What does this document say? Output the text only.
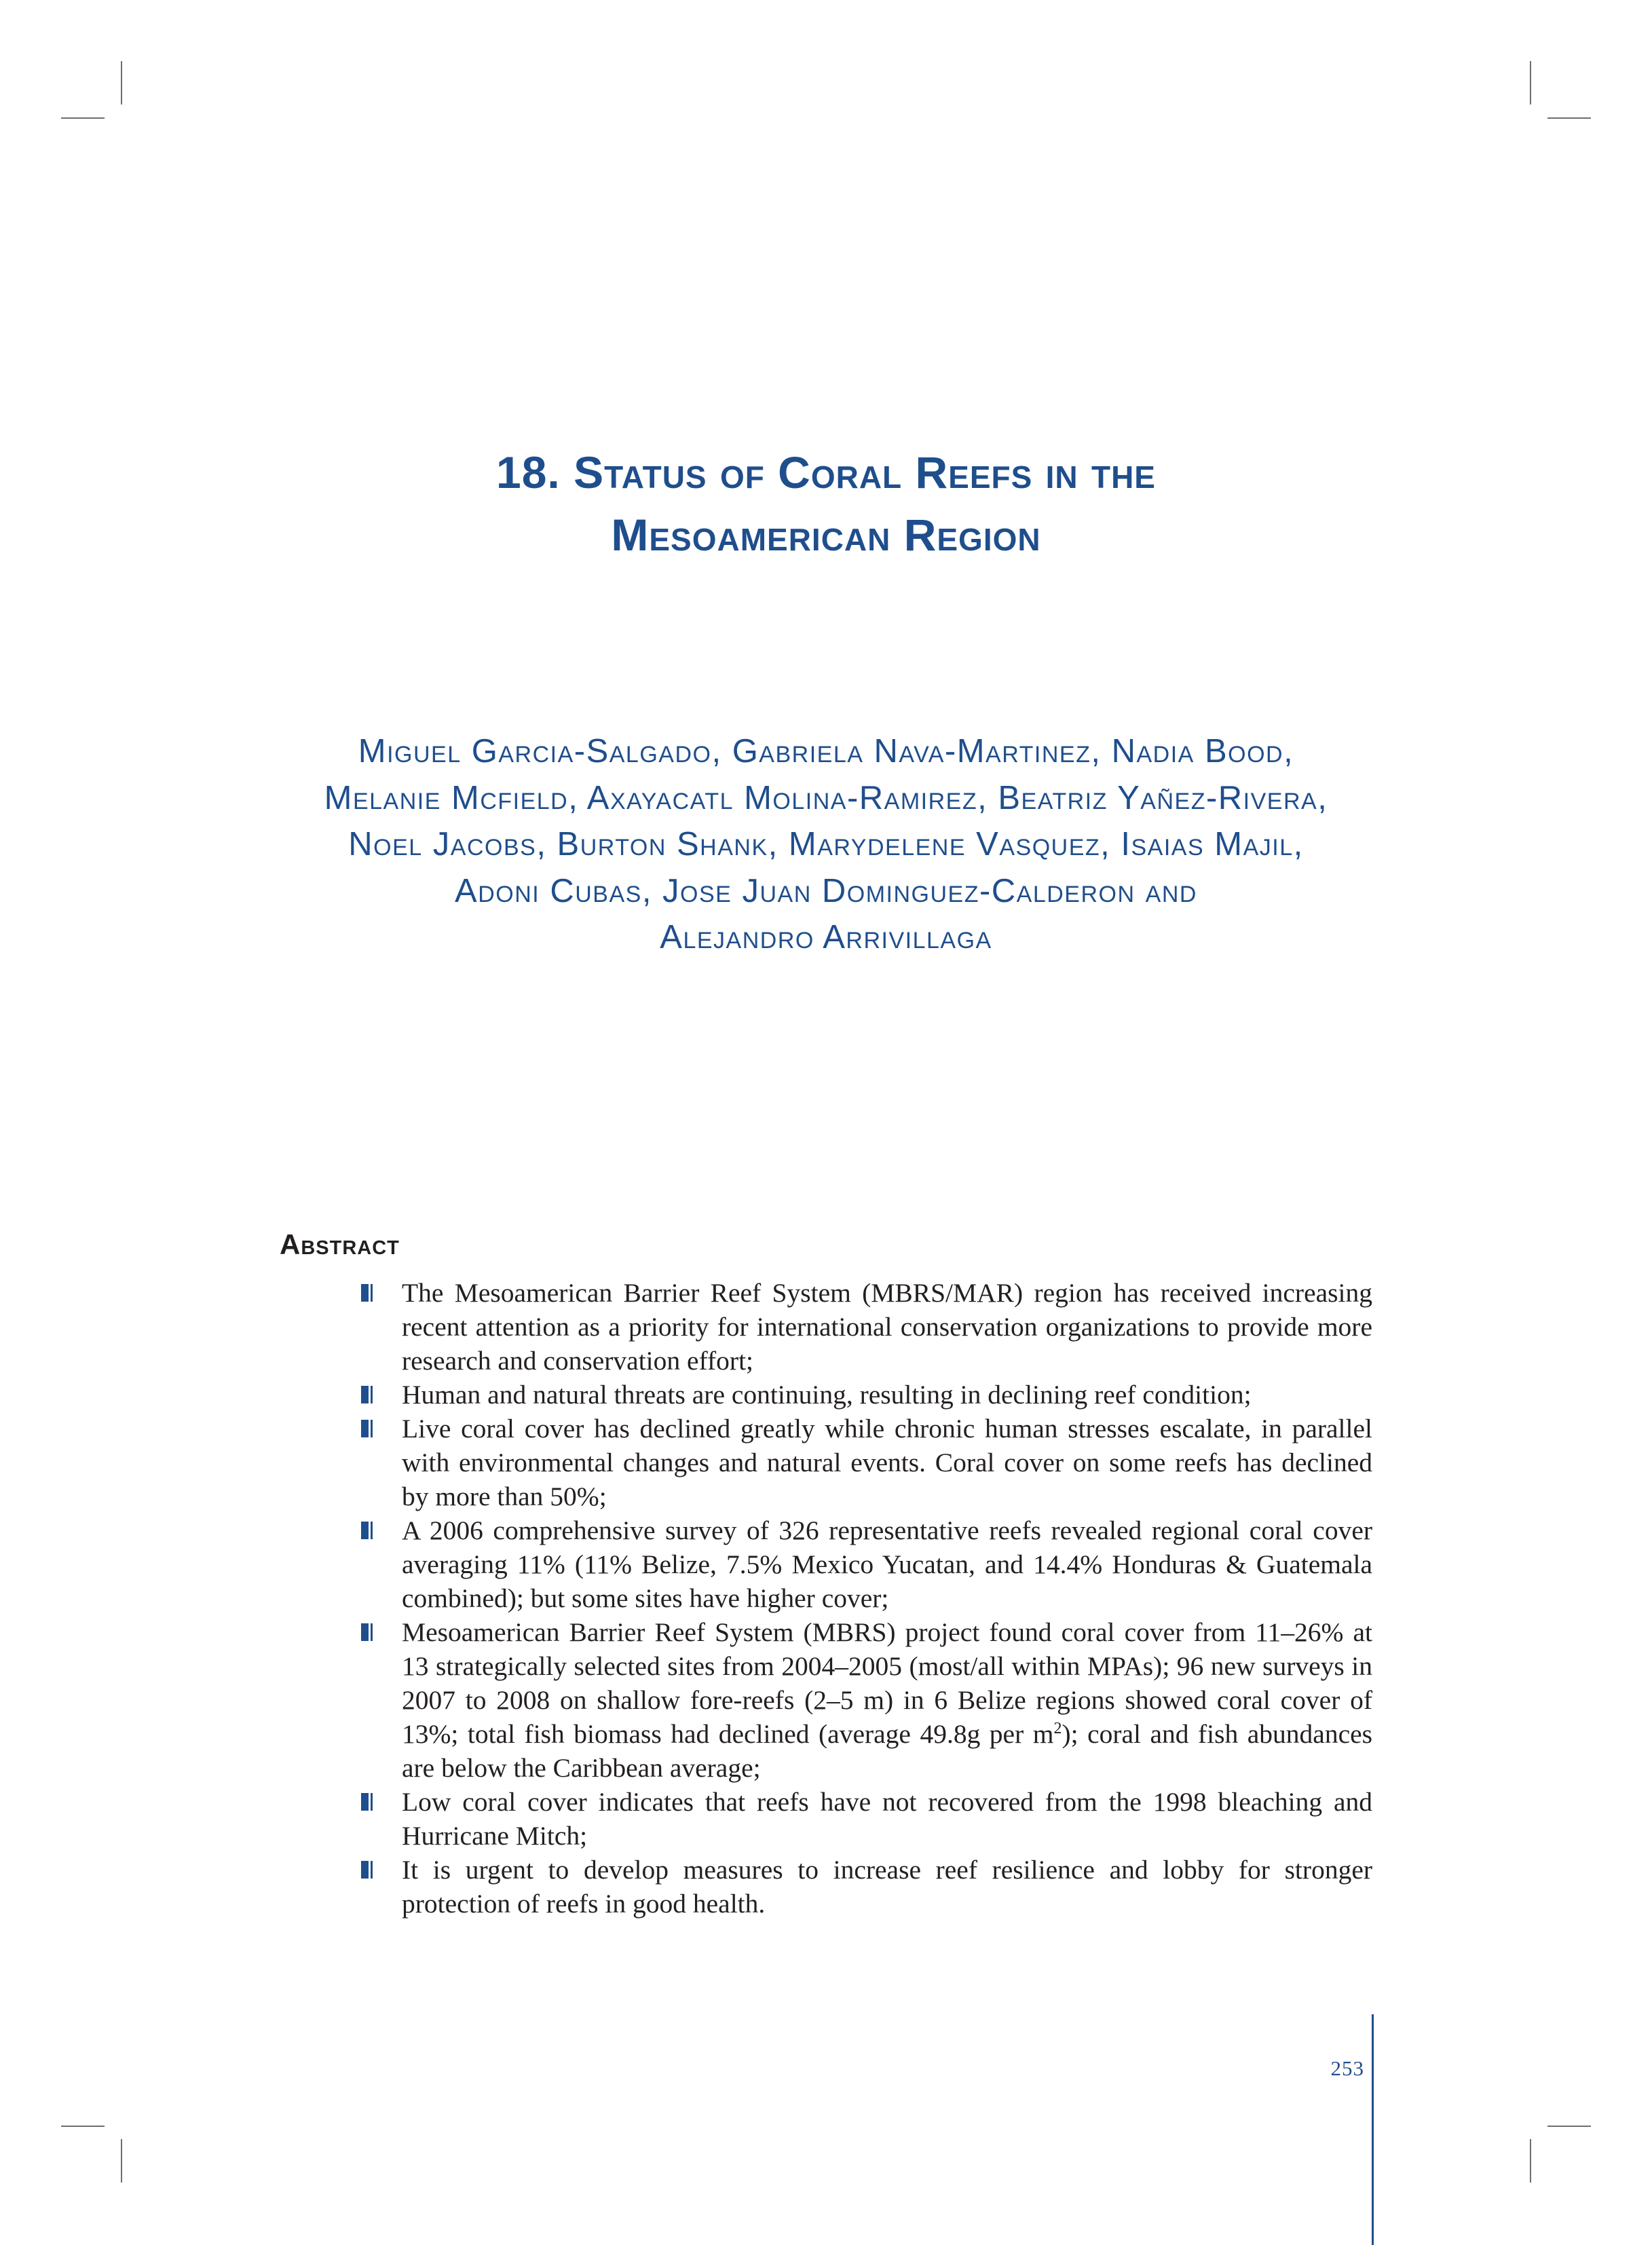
18. Status of Coral Reefs in the
Mesoamerican Region
Miguel Garcia-Salgado, Gabriela Nava-Martinez, Nadia Bood,
Melanie Mcfield, Axayacatl Molina-Ramirez, Beatriz Yañez-Rivera,
Noel Jacobs, Burton Shank, Marydelene Vasquez, Isaias Majil,
Adoni Cubas, Jose Juan Dominguez-Calderon and
Alejandro Arrivillaga
Abstract
The Mesoamerican Barrier Reef System (MBRS/MAR) region has received increasing recent attention as a priority for international conservation organizations to provide more research and conservation effort;
Human and natural threats are continuing, resulting in declining reef condition;
Live coral cover has declined greatly while chronic human stresses escalate, in parallel with environmental changes and natural events. Coral cover on some reefs has declined by more than 50%;
A 2006 comprehensive survey of 326 representative reefs revealed regional coral cover averaging 11% (11% Belize, 7.5% Mexico Yucatan, and 14.4% Honduras & Guatemala combined); but some sites have higher cover;
Mesoamerican Barrier Reef System (MBRS) project found coral cover from 11–26% at 13 strategically selected sites from 2004–2005 (most/all within MPAs); 96 new surveys in 2007 to 2008 on shallow fore-reefs (2–5 m) in 6 Belize regions showed coral cover of 13%; total fish biomass had declined (average 49.8g per $m^2$); coral and fish abundances are below the Caribbean average;
Low coral cover indicates that reefs have not recovered from the 1998 bleaching and Hurricane Mitch;
It is urgent to develop measures to increase reef resilience and lobby for stronger protection of reefs in good health.
253
